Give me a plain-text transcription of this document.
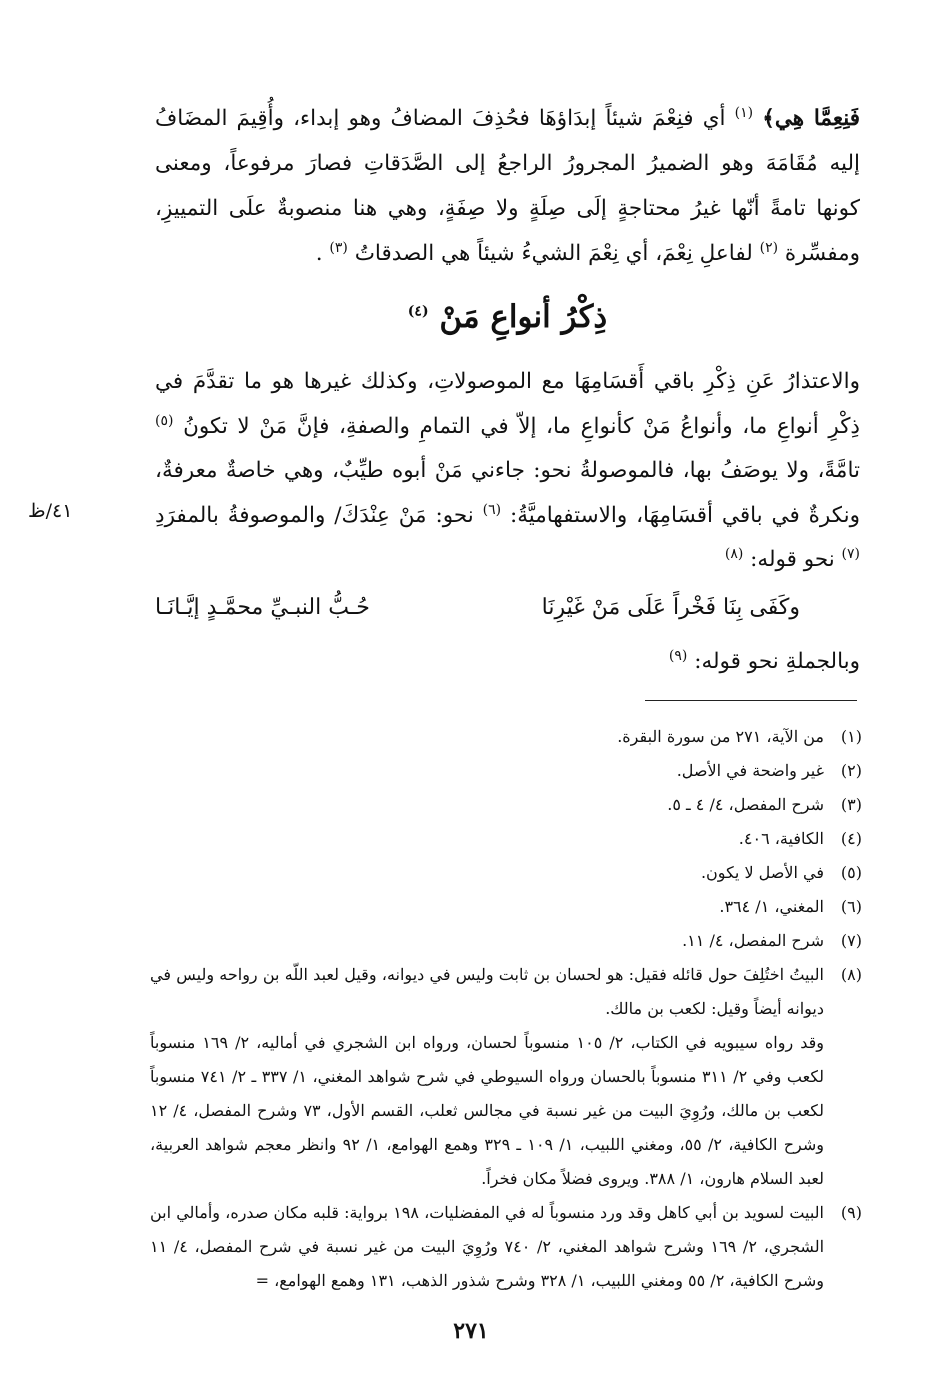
فَنِعِمَّا هِي﴾ $^{(١)}$ أي فنِعْمَ شيئاً إبدَاؤهَا فحُذِفَ المضافُ وهو إبداء، وأُقِيمَ المضَافُ إليه مُقَامَهَ وهو الضميرُ المجرورُ الراجعُ إلى الصَّدَقاتِ فصارَ مرفوعاً، ومعنى كونها تامةً أنّها غيرُ محتاجةٍ إلَى صِلَةٍ ولا صِفَةٍ، وهي هنا منصوبةٌ علَى التمييزِ، ومفسِّرة $^{(٢)}$ لفاعلِ نِعْمَ، أي نِعْمَ الشيءُ شيئاً هي الصدقاتُ $^{(٣)}$ .

ذِكْرُ أنواعِ مَنْ $^{(٤)}$

والاعتذارُ عَنِ ذِكْرِ باقي أَقسَامِهَا مع الموصولاتِ، وكذلك غيرها هو ما تقدَّمَ في ذِكْرِ أنواعِ ما، وأنواعُ مَنْ كأنواعِ ما، إلاّ في التمامِ والصفةِ، فإنَّ مَنْ لا تكونُ $^{(٥)}$ تامَّةً، ولا يوصَفُ بها، فالموصولةُ نحو: جاءني مَنْ أبوه طيِّبٌ، وهي خاصةٌ معرفةٌ، ونكرةٌ في باقي أقسَامِهَا، والاستفهاميَّةُ: $^{(٦)}$ نحو: مَنْ عِنْدَكَ/ والموصوفةُ بالمفرَدِ $^{(٧)}$ نحو قوله: $^{(٨)}$

٤١/ظ
وكَفَى بِنَا فَخْراً عَلَى مَنْ غَيْرِنَا
حُـبُّ النبـيِّ محمَّـدٍ إيَّـانَـا
وبالجملةِ نحو قوله: $^{(٩)}$
(١)

من الآية، ٢٧١ من سورة البقرة.

(٢)

غير واضحة في الأصل.

(٣)

شرح المفصل، ٤/ ٤ ـ ٥.

(٤)

الكافية، ٤٠٦.

(٥)

في الأصل لا يكون.

(٦)

المغني، ١/ ٣٦٤.

(٧)

شرح المفصل، ٤/ ١١.

(٨)

البيتُ اختُلِفَ حول قائله فقيل: هو لحسان بن ثابت وليس في ديوانه، وقيل لعبد اللّه بن رواحه وليس في ديوانه أيضاً وقيل: لكعب بن مالك.

وقد رواه سيبويه في الكتاب، ٢/ ١٠٥ منسوباً لحسان، ورواه ابن الشجري في أماليه، ٢/ ١٦٩ منسوباً لكعب وفي ٢/ ٣١١ منسوباً بالحسان ورواه السيوطي في شرح شواهد المغني، ١/ ٣٣٧ ـ ٢/ ٧٤١ منسوباً لكعب بن مالك، ورُوِيَ البيت من غير نسبة في مجالس ثعلب، القسم الأول، ٧٣ وشرح المفصل، ٤/ ١٢ وشرح الكافية، ٢/ ٥٥، ومغني اللبيب، ١/ ١٠٩ ـ ٣٢٩ وهمع الهوامع، ١/ ٩٢ وانظر معجم شواهد العربية، لعبد السلام هارون، ١/ ٣٨٨. ويروى فضلاً مكان فخراً.

(٩)

البيت لسويد بن أبي كاهل وقد ورد منسوباً له في المفضليات، ١٩٨ برواية: قلبه مكان صدره، وأمالي ابن الشجري، ٢/ ١٦٩ وشرح شواهد المغني، ٢/ ٧٤٠ ورُوِيَ البيت من غير نسبة في شرح المفصل، ٤/ ١١ وشرح الكافية، ٢/ ٥٥ ومغني اللبيب، ١/ ٣٢٨ وشرح شذور الذهب، ١٣١ وهمع الهوامع، =

٢٧١
